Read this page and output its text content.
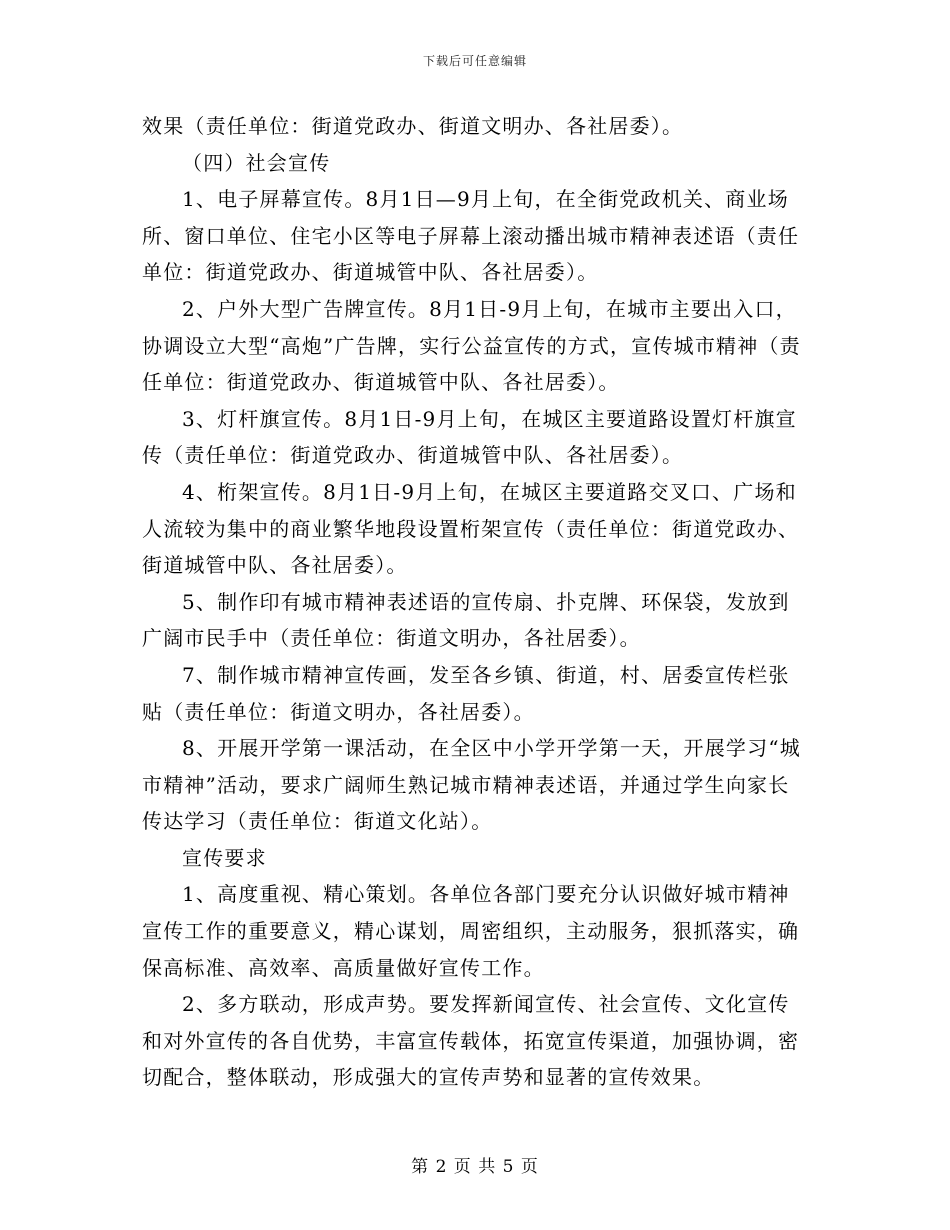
下载后可任意编辑

效果（责任单位：街道党政办、街道文明办、各社居委）。

（四）社会宣传

1、电子屏幕宣传。8月1日—9月上旬，在全街党政机关、商业场所、窗口单位、住宅小区等电子屏幕上滚动播出城市精神表述语（责任单位：街道党政办、街道城管中队、各社居委）。

2、户外大型广告牌宣传。8月1日-9月上旬，在城市主要出入口，协调设立大型“高炮”广告牌，实行公益宣传的方式，宣传城市精神（责任单位：街道党政办、街道城管中队、各社居委）。

3、灯杆旗宣传。8月1日-9月上旬，在城区主要道路设置灯杆旗宣传（责任单位：街道党政办、街道城管中队、各社居委）。

4、桁架宣传。8月1日-9月上旬，在城区主要道路交叉口、广场和人流较为集中的商业繁华地段设置桁架宣传（责任单位：街道党政办、街道城管中队、各社居委）。

5、制作印有城市精神表述语的宣传扇、扑克牌、环保袋，发放到广阔市民手中（责任单位：街道文明办，各社居委）。

7、制作城市精神宣传画，发至各乡镇、街道，村、居委宣传栏张贴（责任单位：街道文明办，各社居委）。

8、开展开学第一课活动，在全区中小学开学第一天，开展学习“城市精神”活动，要求广阔师生熟记城市精神表述语，并通过学生向家长传达学习（责任单位：街道文化站）。

宣传要求

1、高度重视、精心策划。各单位各部门要充分认识做好城市精神宣传工作的重要意义，精心谋划，周密组织，主动服务，狠抓落实，确保高标准、高效率、高质量做好宣传工作。

2、多方联动，形成声势。要发挥新闻宣传、社会宣传、文化宣传和对外宣传的各自优势，丰富宣传载体，拓宽宣传渠道，加强协调，密切配合，整体联动，形成强大的宣传声势和显著的宣传效果。

第 2 页 共 5 页
